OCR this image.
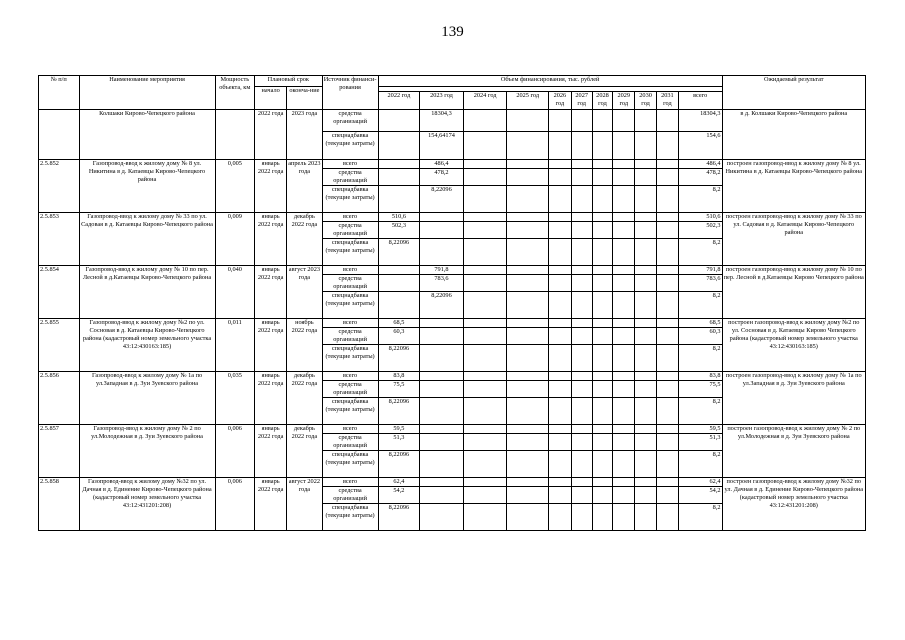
139
№ п/п	Наименование мероприятия	Мощность объекта, км	Плановый срок		Источник финанси-рования	Объем финансирования, тыс. рублей											Ожидаемый результат
			начало	оконча-ние													
						2022 год	2023 год	2024 год	2025 год	2026 год	2027 год	2028 год	2029 год	2030 год	2031 год	всего	
	Колшаки Кирово-Чепецкого района		2022 года	2023 года	средства организаций		18304,3									18304,3	в д. Колшаки Кирово-Чепецкого района
					спецнадбавка (текущие затраты)		154,64174									154,6	
2.5.852	Газопровод-ввод к жилому дому № 8 ул. Никитина в д. Катаевцы Кирово-Чепецкого района	0,005	январь 2022 года	апрель 2023 года	всего		486,4									486,4	построен газопровод-ввод к жилому дому № 8 ул. Никитина в д. Катаевцы Кирово-Чепецкого района
					средства организаций		478,2									478,2	
					спецнадбавка (текущие затраты)		8,22096									8,2	
2.5.853	Газопровод-ввод к жилому дому № 33 по ул. Садовая в д. Катаевцы Кирово-Чепецкого района	0,009	январь 2022 года	декабрь 2022 года	всего	510,6										510,6	построен газопровод-ввод к жилому дому № 33 по ул. Садовая в д. Катаевцы Кирово-Чепецкого района
					средства организаций	502,3										502,3	
					спецнадбавка (текущие затраты)	8,22096										8,2	
2.5.854	Газопровод-ввод к жилому дому № 10 по пер. Лесной в д.Катаевцы Кирово-Чепецкого района	0,040	январь 2022 года	август 2023 года	всего		791,8									791,8	построен газопровод-ввод к жилому дому № 10 по пер. Лесной в д.Катаевцы Кирово Чепецкого района
					средства организаций		783,6									783,6	
					спецнадбавка (текущие затраты)		8,22096									8,2	
2.5.855	Газопровод-ввод к жилому дому №2 по ул. Сосновая в д. Катаевцы Кирово-Чепецкого района (кадастровый номер земельного участка 43:12:430163:185)	0,011	январь 2022 года	ноябрь 2022 года	всего	68,5										68,5	построен газопровод-ввод к жилому дому №2 по ул. Сосновая в д. Катаевцы Кирово Чепецкого района (кадастровый номер земельного участка 43:12:430163:185)
					средства организаций	60,3										60,3	
					спецнадбавка (текущие затраты)	8,22096										8,2	
2.5.856	Газопровод-ввод к жилому дому № 1а по ул.Западная в д. Зуи Зуевского района	0,035	январь 2022 года	декабрь 2022 года	всего	83,8										83,8	построен газопровод-ввод к жилому дому № 1а по ул.Западная в д. Зуи Зуевского района
					средства организаций	75,5										75,5	
					спецнадбавка (текущие затраты)	8,22096										8,2	
2.5.857	Газопровод-ввод к жилому дому № 2 по ул.Молодежная в д. Зуи Зуевского района	0,006	январь 2022 года	декабрь 2022 года	всего	59,5										59,5	построен газопровод-ввод к жилому дому № 2 по ул.Молодежная в д. Зуи Зуевского района
					средства организаций	51,3										51,3	
					спецнадбавка (текущие затраты)	8,22096										8,2	
2.5.858	Газопровод-ввод к жилому дому №32 по ул. Дачная в д. Единение Кирово-Чепецкого района (кадастровый номер земельного участка 43:12:431201:208)	0,006	январь 2022 года	август 2022 года	всего	62,4										62,4	построен газопровод-ввод к жилому дому №32 по ул. Дачная в д. Единение Кирово-Чепецкого района (кадастровый номер земельного участка 43:12:431201:208)
					средства организаций	54,2										54,2	
					спецнадбавка (текущие затраты)	8,22096										8,2	
